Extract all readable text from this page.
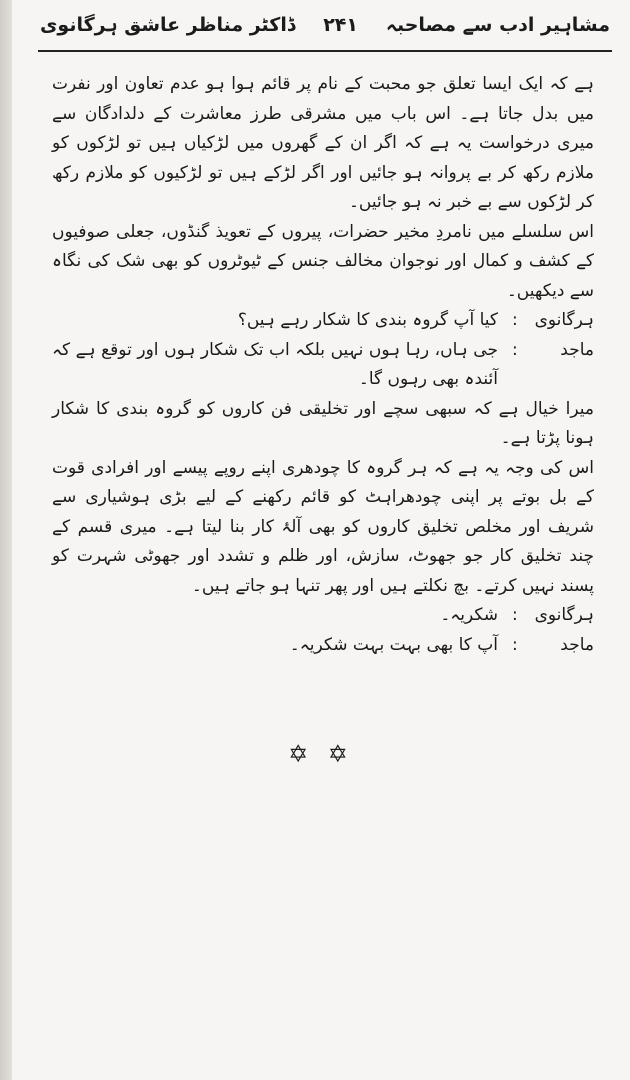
ڈاکٹر مناظر عاشق ہرگانوی ۲۴۱ مشاہیر ادب سے مصاحبہ

ہے کہ ایک ایسا تعلق جو محبت کے نام پر قائم ہوا ہو عدم تعاون اور نفرت میں بدل جاتا ہے۔ اس باب میں مشرقی طرز معاشرت کے دلدادگان سے میری درخواست یہ ہے کہ اگر ان کے گھروں میں لڑکیاں ہیں تو لڑکوں کو ملازم رکھ کر بے پروانہ ہو جائیں اور اگر لڑکے ہیں تو لڑکیوں کو ملازم رکھ کر لڑکوں سے بے خبر نہ ہو جائیں۔

اس سلسلے میں نامردِ مخیر حضرات، پیروں کے تعویذ گنڈوں، جعلی صوفیوں کے کشف و کمال اور نوجوان مخالف جنس کے ٹیوٹروں کو بھی شک کی نگاہ سے دیکھیں۔

ہرگانوی
:
کیا آپ گروہ بندی کا شکار رہے ہیں؟
ماجد
:
جی ہاں، رہا ہوں نہیں بلکہ اب تک شکار ہوں اور توقع ہے کہ آئندہ بھی رہوں گا۔

میرا خیال ہے کہ سبھی سچے اور تخلیقی فن کاروں کو گروہ بندی کا شکار ہونا پڑتا ہے۔

اس کی وجہ یہ ہے کہ ہر گروہ کا چودھری اپنے روپے پیسے اور افرادی قوت کے بل بوتے پر اپنی چودھراہٹ کو قائم رکھنے کے لیے بڑی ہوشیاری سے شریف اور مخلص تخلیق کاروں کو بھی آلۂ کار بنا لیتا ہے۔ میری قسم کے چند تخلیق کار جو جھوٹ، سازش، اور ظلم و تشدد اور جھوٹی شہرت کو پسند نہیں کرتے۔ بچ نکلتے ہیں اور پھر تنہا ہو جاتے ہیں۔

ہرگانوی
:
شکریہ۔
ماجد
:
آپ کا بھی بہت بہت شکریہ۔
✡ ✡
